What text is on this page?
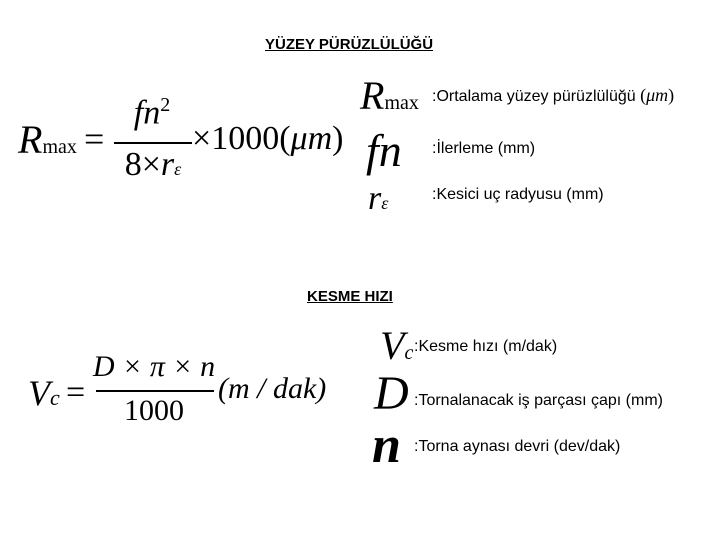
YÜZEY PÜRÜZLÜLÜĞÜ
KESME HIZI
Rmax =
$fn^2$
8×rε
×1000(μm)
Rmax :Ortalama yüzey pürüzlülüğü (μm)
fn :İlerleme (mm)
rε	:Kesici uç radyusu (mm)
Vc =
D × π × n
1000
(m / dak)
Vc :Kesme hızı (m/dak)
D :Tornalanacak iş parçası çapı (mm)
n :Torna aynası devri (dev/dak)
